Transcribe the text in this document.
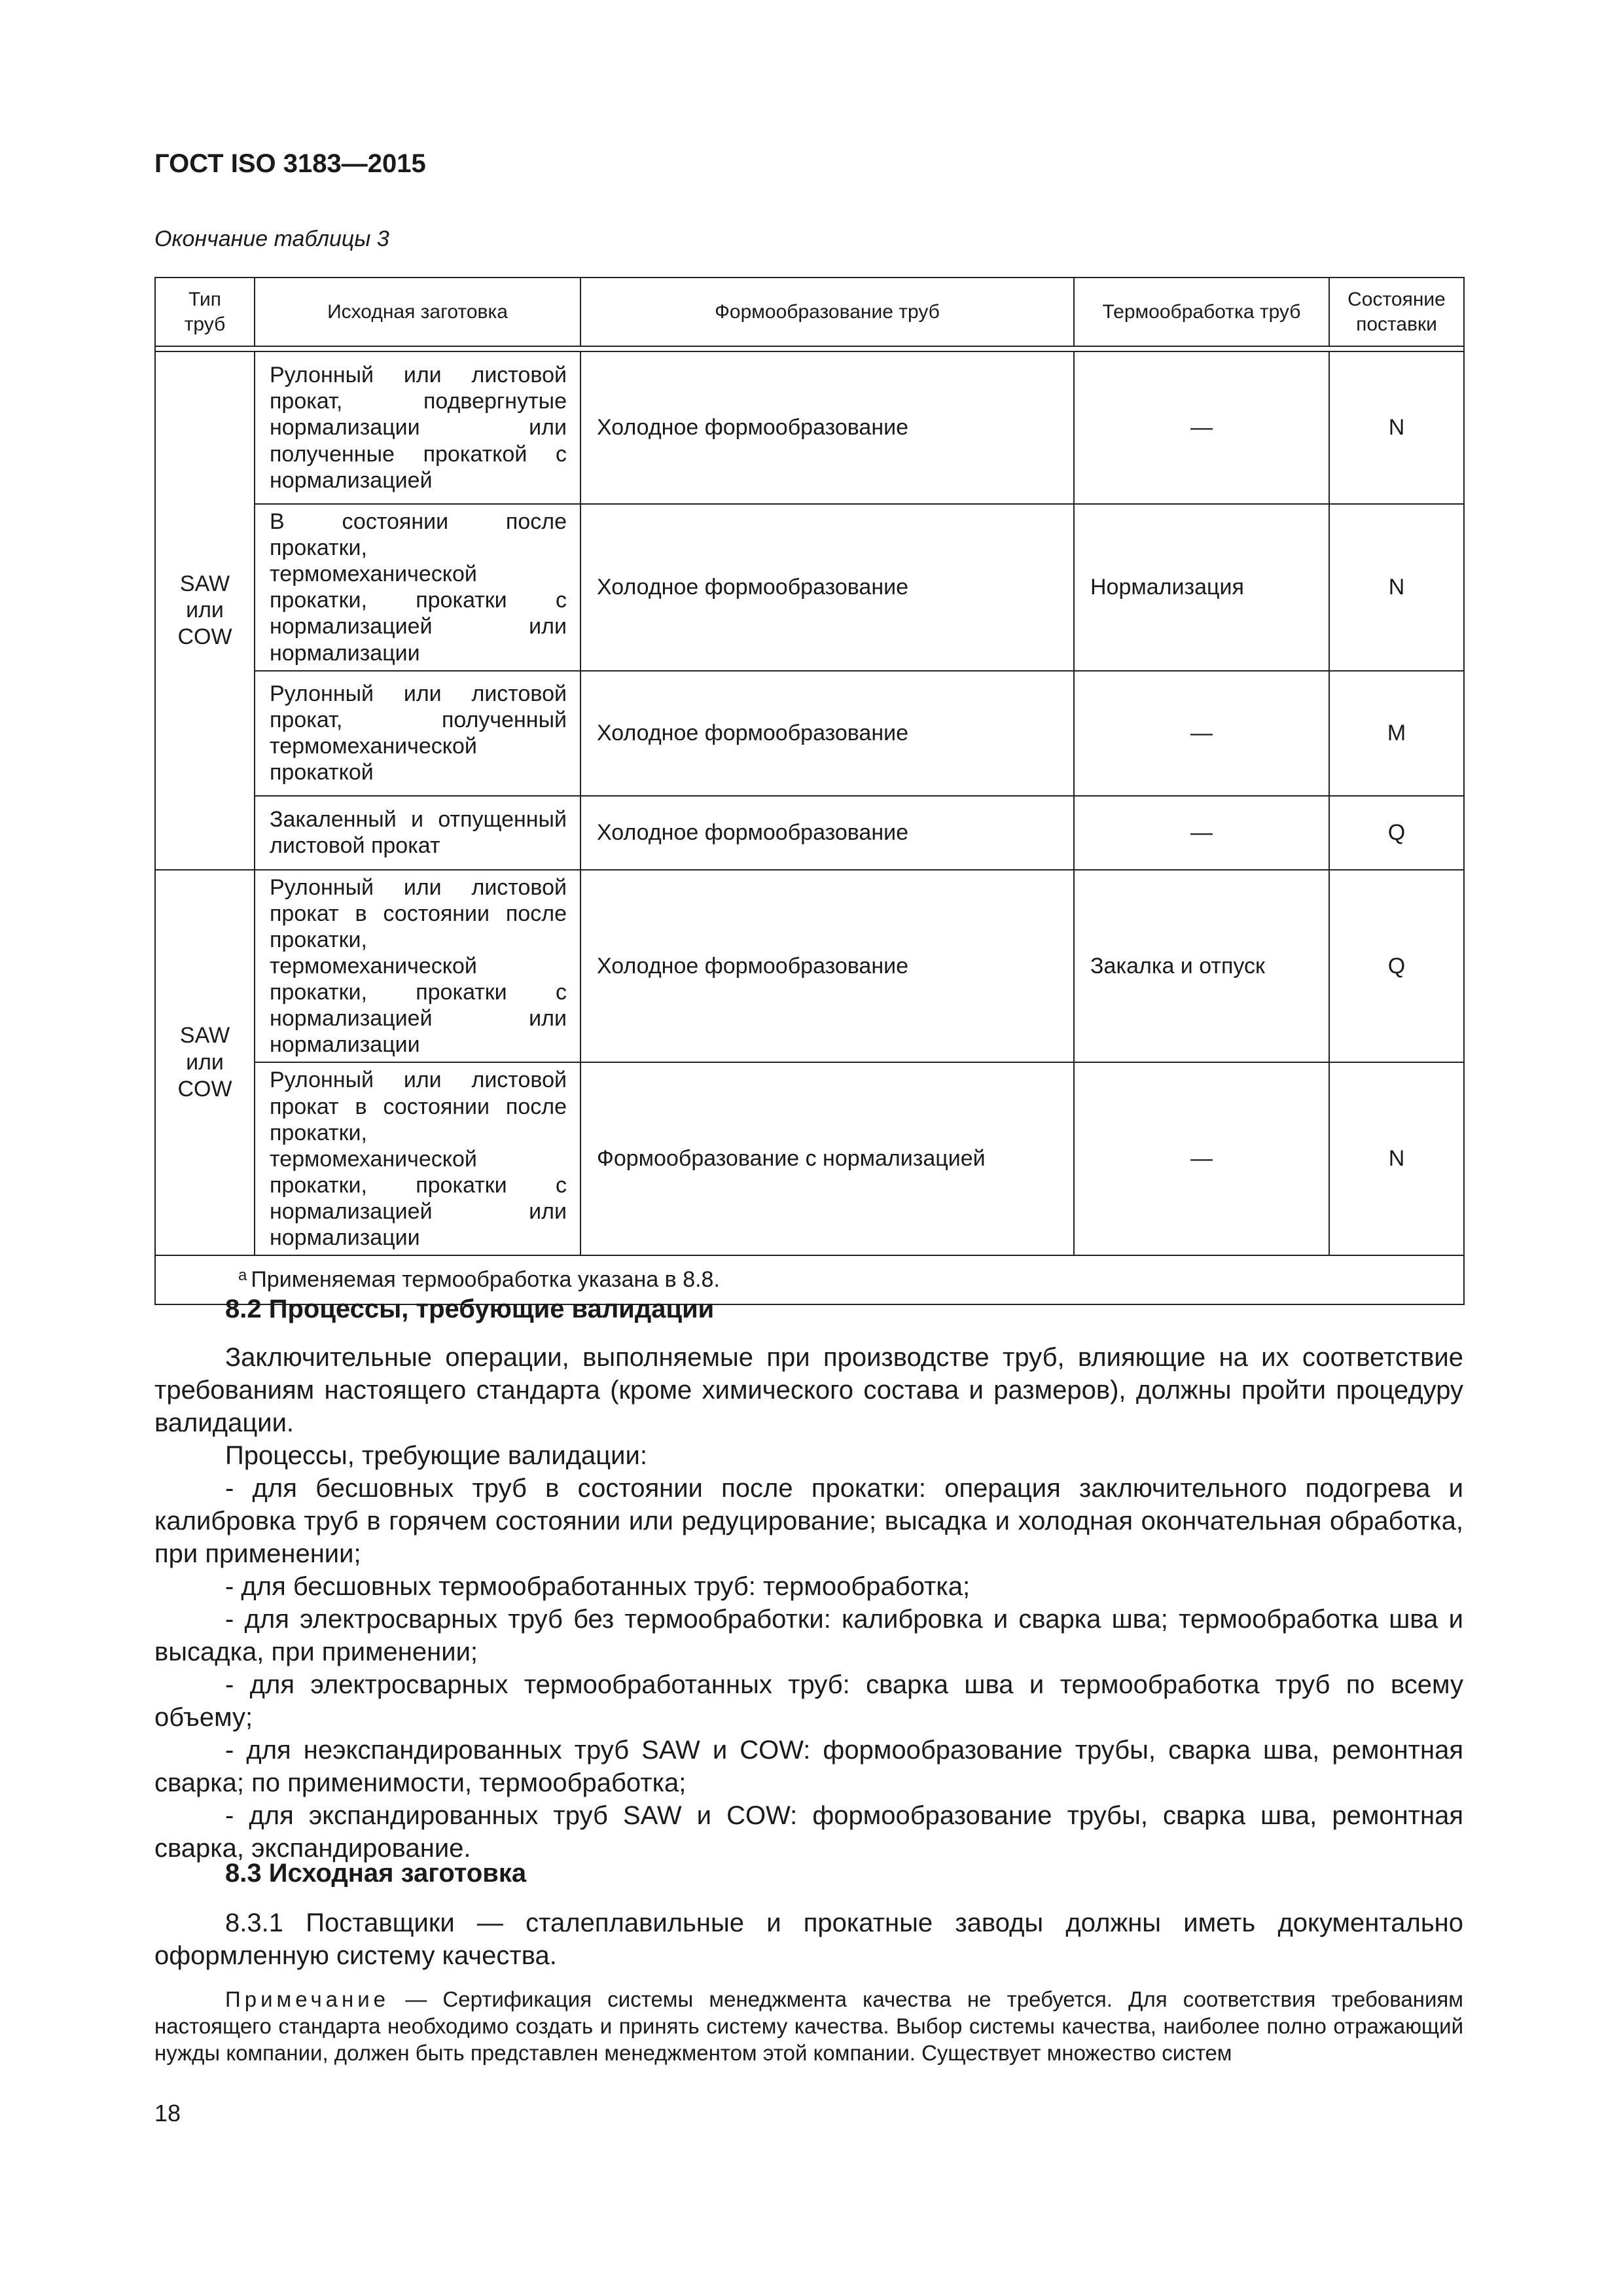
ГОСТ ISO 3183—2015
Окончание таблицы 3
Тип труб	Исходная заготовка	Формообразование труб	Термообработка труб	Состояние поставки

SAW или COW	Рулонный или листовой прокат, подвергнутые нормализации или полученные прокаткой с нормализацией	Холодное формообразование	—	N
	В состоянии после прокатки, термомеханической прокатки, прокатки с нормализацией или нормализации	Холодное формообразование	Нормализация	N
	Рулонный или листовой прокат, полученный термомеханической прокаткой	Холодное формообразование	—	M
	Закаленный и отпущенный листовой прокат	Холодное формообразование	—	Q
SAW или COW	Рулонный или листовой прокат в состоянии после прокатки, термомеханической прокатки, прокатки с нормализацией или нормализации	Холодное формообразование	Закалка и отпуск	Q
	Рулонный или листовой прокат в состоянии после прокатки, термомеханической прокатки, прокатки с нормализацией или нормализации	Формообразование с нормализацией	—	N
$^a$ Применяемая термообработка указана в 8.8.				
8.2 Процессы, требующие валидации

Заключительные операции, выполняемые при производстве труб, влияющие на их соответствие требованиям настоящего стандарта (кроме химического состава и размеров), должны пройти процедуру валидации.

Процессы, требующие валидации:

- для бесшовных труб в состоянии после прокатки: операция заключительного подогрева и калибровка труб в горячем состоянии или редуцирование; высадка и холодная окончательная обработка, при применении;

- для бесшовных термообработанных труб: термообработка;

- для электросварных труб без термообработки: калибровка и сварка шва; термообработка шва и высадка, при применении;

- для электросварных термообработанных труб: сварка шва и термообработка труб по всему объему;

- для неэкспандированных труб SAW и COW: формообразование трубы, сварка шва, ремонтная сварка; по применимости, термообработка;

- для экспандированных труб SAW и COW: формообразование трубы, сварка шва, ремонтная сварка, экспандирование.

8.3 Исходная заготовка

8.3.1 Поставщики — сталеплавильные и прокатные заводы должны иметь документально оформленную систему качества.

Примечание — Сертификация системы менеджмента качества не требуется. Для соответствия требованиям настоящего стандарта необходимо создать и принять систему качества. Выбор системы качества, наиболее полно отражающий нужды компании, должен быть представлен менеджментом этой компании. Существует множество систем
18
